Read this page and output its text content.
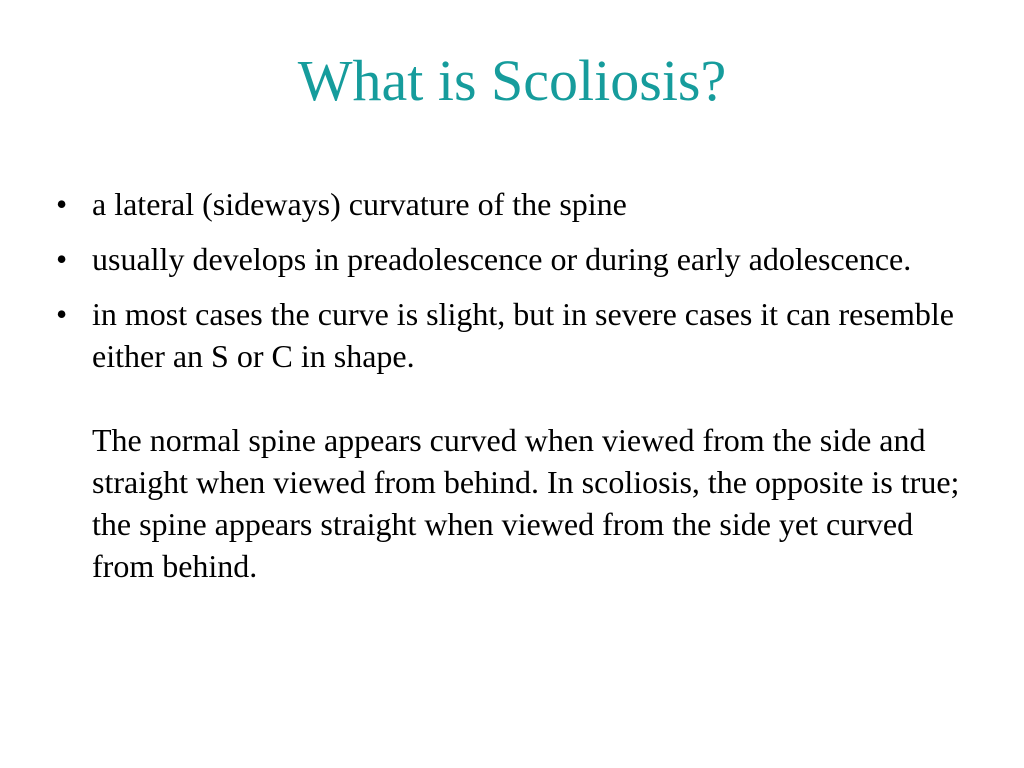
What is Scoliosis?
• a lateral (sideways) curvature of the spine
• usually develops in preadolescence or during early adolescence.
• in most cases the curve is slight, but in severe cases it can resemble either an S or C in shape.
The normal spine appears curved when viewed from the side and straight when viewed from behind. In scoliosis, the opposite is true; the spine appears straight when viewed from the side yet curved from behind.
